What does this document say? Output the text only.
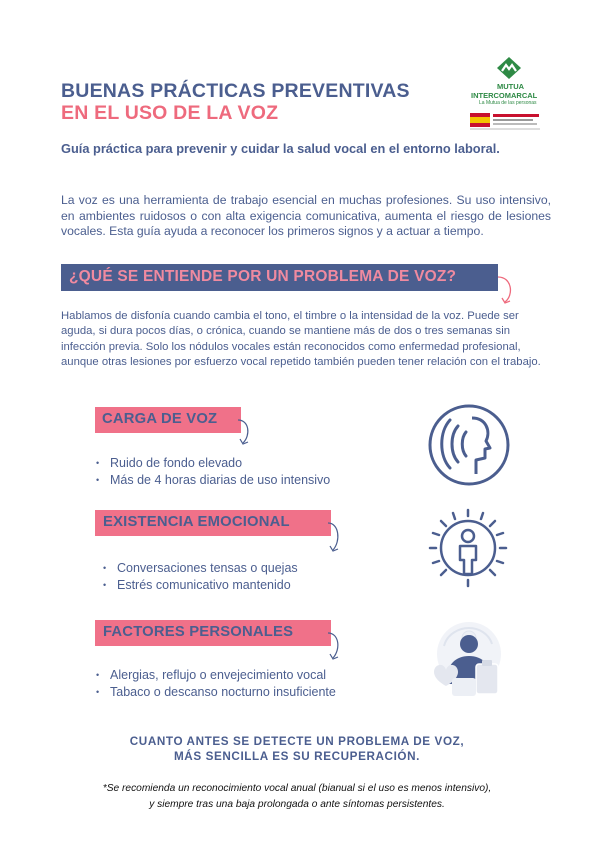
BUENAS PRÁCTICAS PREVENTIVAS
EN EL USO DE LA VOZ
MUTUA
INTERCOMARCAL
La Mutua de las personas
Guía práctica para prevenir y cuidar la salud vocal en el entorno laboral.
La voz es una herramienta de trabajo esencial en muchas profesiones. Su uso intensivo, en ambientes ruidosos o con alta exigencia comunicativa, aumenta el riesgo de lesiones vocales. Esta guía ayuda a reconocer los primeros signos y a actuar a tiempo.
¿QUÉ SE ENTIENDE POR UN PROBLEMA DE VOZ?
Hablamos de disfonía cuando cambia el tono, el timbre o la intensidad de la voz. Puede ser aguda, si dura pocos días, o crónica, cuando se mantiene más de dos o tres semanas sin infección previa. Solo los nódulos vocales están reconocidos como enfermedad profesional, aunque otras lesiones por esfuerzo vocal repetido también pueden tener relación con el trabajo.
CARGA DE VOZ
• Ruido de fondo elevado
• Más de 4 horas diarias de uso intensivo
EXISTENCIA EMOCIONAL
• Conversaciones tensas o quejas
• Estrés comunicativo mantenido
FACTORES PERSONALES
• Alergias, reflujo o envejecimiento vocal
• Tabaco o descanso nocturno insuficiente
CUANTO ANTES SE DETECTE UN PROBLEMA DE VOZ,
MÁS SENCILLA ES SU RECUPERACIÓN.
*Se recomienda un reconocimiento vocal anual (bianual si el uso es menos intensivo),
y siempre tras una baja prolongada o ante síntomas persistentes.
